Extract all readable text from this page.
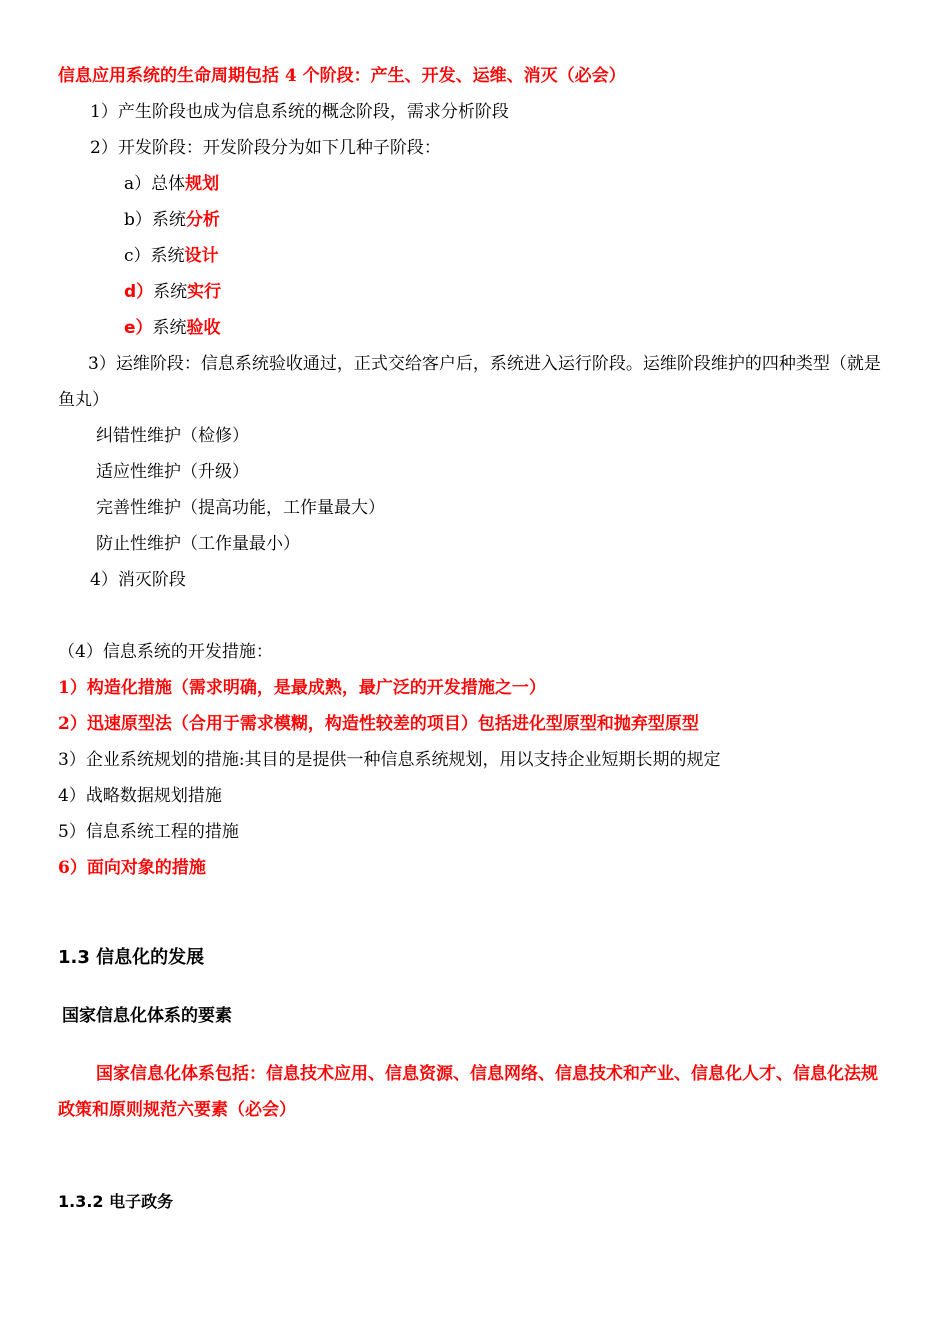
信息应用系统的生命周期包括 4 个阶段：产生、开发、运维、消灭（必会）
1）产生阶段也成为信息系统的概念阶段，需求分析阶段
2）开发阶段：开发阶段分为如下几种子阶段：
a）总体规划
b）系统分析
c）系统设计
d）系统实行
e）系统验收
3）运维阶段：信息系统验收通过，正式交给客户后，系统进入运行阶段。运维阶段维护的四种类型（就是鱼丸）
纠错性维护（检修）
适应性维护（升级）
完善性维护（提高功能，工作量最大）
防止性维护（工作量最小）
4）消灭阶段
（4）信息系统的开发措施：
1）构造化措施（需求明确，是最成熟，最广泛的开发措施之一）
2）迅速原型法（合用于需求模糊，构造性较差的项目）包括进化型原型和抛弃型原型
3）企业系统规划的措施:其目的是提供一种信息系统规划，用以支持企业短期长期的规定
4）战略数据规划措施
5）信息系统工程的措施
6）面向对象的措施
1.3 信息化的发展
国家信息化体系的要素
国家信息化体系包括：信息技术应用、信息资源、信息网络、信息技术和产业、信息化人才、信息化法规政策和原则规范六要素（必会）
1.3.2 电子政务
